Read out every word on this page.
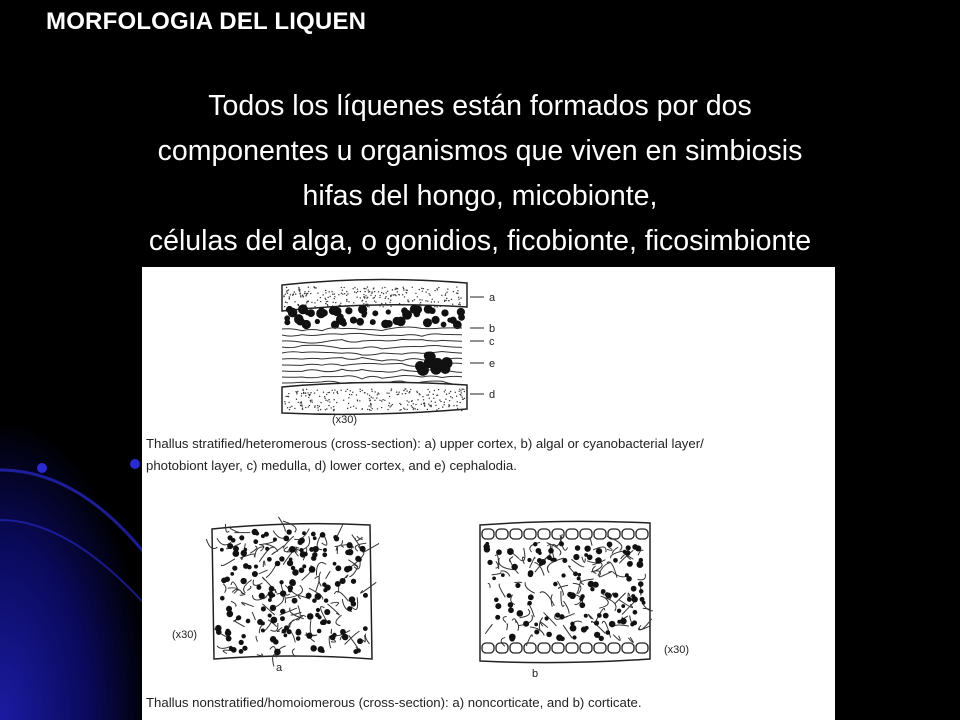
MORFOLOGIA DEL LIQUEN
Todos los líquenes están formados por dos
componentes u organismos que viven en simbiosis
hifas del hongo, micobionte,
células del alga, o gonidios, ficobionte, ficosimbionte
a
b
c
e
d
(x30)
Thallus stratified/heteromerous (cross-section): a) upper cortex, b) algal or cyanobacterial layer/
photobiont layer, c) medulla, d) lower cortex, and e) cephalodia.
(x30)
a
(x30)
b
Thallus nonstratified/homoiomerous (cross-section): a) noncorticate, and b) corticate.
